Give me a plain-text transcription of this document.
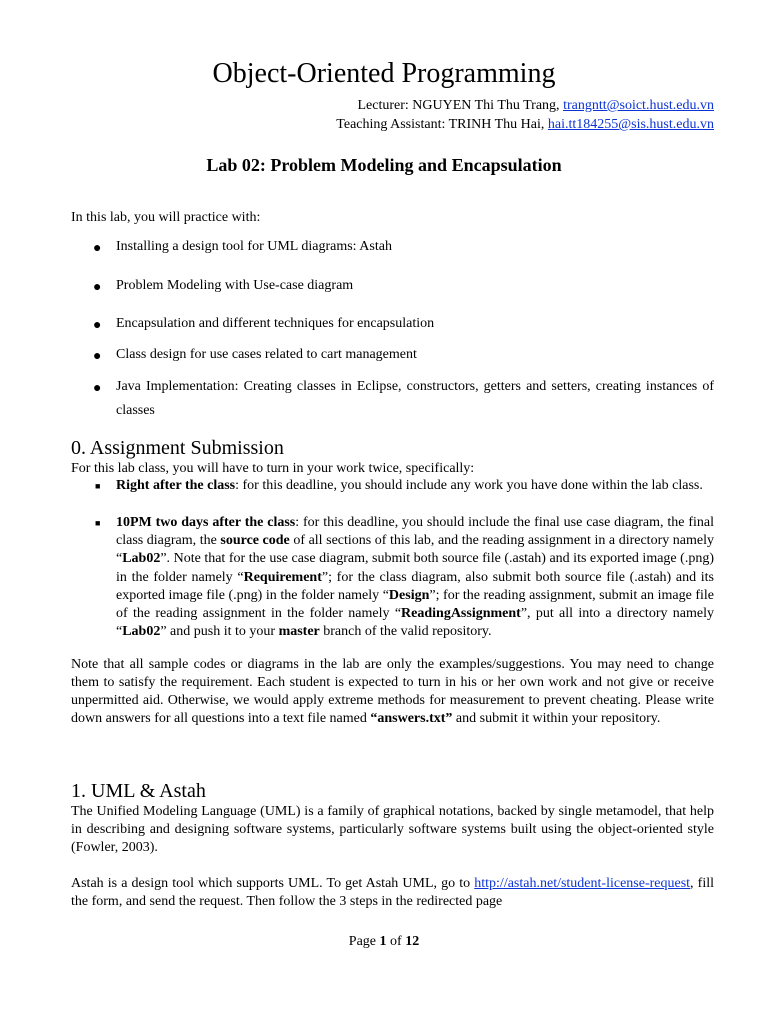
Object-Oriented Programming
Lecturer: NGUYEN Thi Thu Trang, trangntt@soict.hust.edu.vn
Teaching Assistant: TRINH Thu Hai, hai.tt184255@sis.hust.edu.vn
Lab 02: Problem Modeling and Encapsulation
In this lab, you will practice with:
● Installing a design tool for UML diagrams: Astah
● Problem Modeling with Use-case diagram
● Encapsulation and different techniques for encapsulation
● Class design for use cases related to cart management
● Java Implementation: Creating classes in Eclipse, constructors, getters and setters, creating instances of classes
0. Assignment Submission
For this lab class, you will have to turn in your work twice, specifically:
■ Right after the class: for this deadline, you should include any work you have done within the lab class.
■ 10PM two days after the class: for this deadline, you should include the final use case diagram, the final class diagram, the source code of all sections of this lab, and the reading assignment in a directory namely “Lab02”. Note that for the use case diagram, submit both source file (.astah) and its exported image (.png) in the folder namely “Requirement”; for the class diagram, also submit both source file (.astah) and its exported image file (.png) in the folder namely “Design”; for the reading assignment, submit an image file of the reading assignment in the folder namely “ReadingAssignment”, put all into a directory namely “Lab02” and push it to your master branch of the valid repository.
Note that all sample codes or diagrams in the lab are only the examples/suggestions. You may need to change them to satisfy the requirement. Each student is expected to turn in his or her own work and not give or receive unpermitted aid. Otherwise, we would apply extreme methods for measurement to prevent cheating. Please write down answers for all questions into a text file named “answers.txt” and submit it within your repository.
1. UML & Astah
The Unified Modeling Language (UML) is a family of graphical notations, backed by single metamodel, that help in describing and designing software systems, particularly software systems built using the object-oriented style (Fowler, 2003).
Astah is a design tool which supports UML. To get Astah UML, go to http://astah.net/student-license-request, fill the form, and send the request. Then follow the 3 steps in the redirected page
Page 1 of 12
